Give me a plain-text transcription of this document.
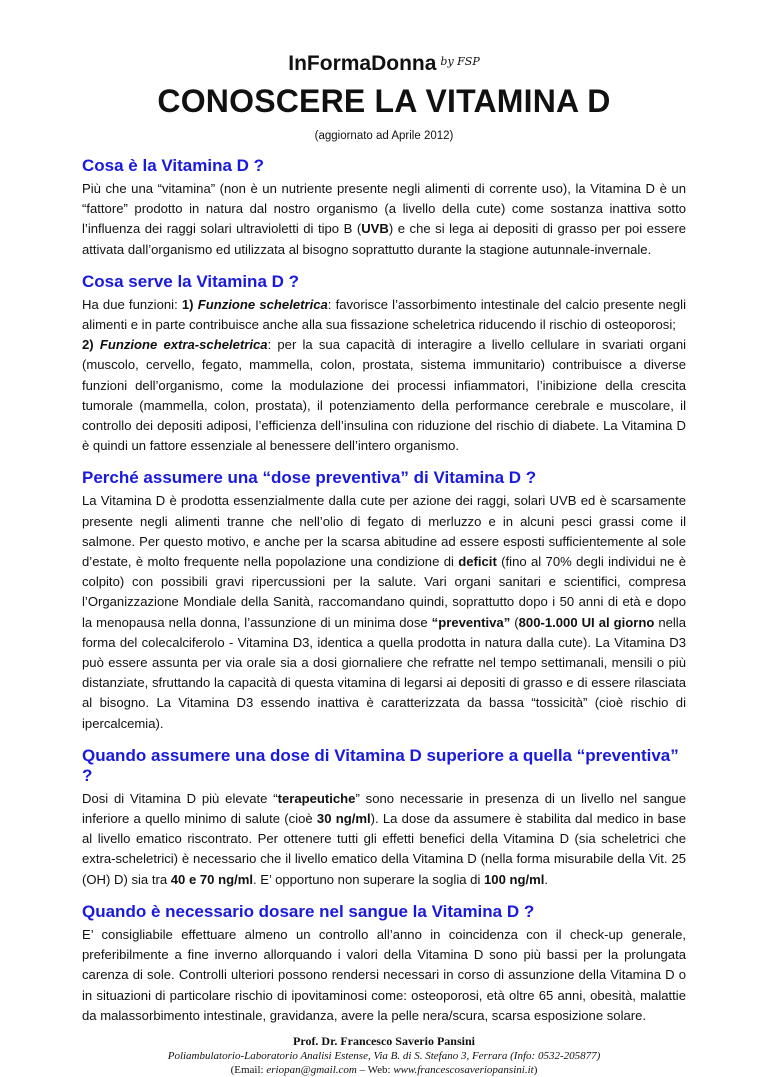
InFormaDonna $^{by FSP}$
CONOSCERE LA VITAMINA D
(aggiornato ad Aprile 2012)
Cosa è la Vitamina D ?

Più che una “vitamina” (non è un nutriente presente negli alimenti di corrente uso), la Vitamina D è un “fattore” prodotto in natura dal nostro organismo (a livello della cute) come sostanza inattiva sotto l’influenza dei raggi solari ultravioletti di tipo B (UVB) e che si lega ai depositi di grasso per poi essere attivata dall’organismo ed utilizzata al bisogno soprattutto durante la stagione autunnale-invernale.

Cosa serve la Vitamina D ?

Ha due funzioni: 1) Funzione scheletrica: favorisce l’assorbimento intestinale del calcio presente negli alimenti e in parte contribuisce anche alla sua fissazione scheletrica riducendo il rischio di osteoporosi;

2) Funzione extra-scheletrica: per la sua capacità di interagire a livello cellulare in svariati organi (muscolo, cervello, fegato, mammella, colon, prostata, sistema immunitario) contribuisce a diverse funzioni dell’organismo, come la modulazione dei processi infiammatori, l’inibizione della crescita tumorale (mammella, colon, prostata), il potenziamento della performance cerebrale e muscolare, il controllo dei depositi adiposi, l’efficienza dell’insulina con riduzione del rischio di diabete. La Vitamina D è quindi un fattore essenziale al benessere dell’intero organismo.

Perché assumere una “dose preventiva” di Vitamina D ?

La Vitamina D è prodotta essenzialmente dalla cute per azione dei raggi, solari UVB ed è scarsamente presente negli alimenti tranne che nell’olio di fegato di merluzzo e in alcuni pesci grassi come il salmone. Per questo motivo, e anche per la scarsa abitudine ad essere esposti sufficientemente al sole d’estate, è molto frequente nella popolazione una condizione di deficit (fino al 70% degli individui ne è colpito) con possibili gravi ripercussioni per la salute. Vari organi sanitari e scientifici, compresa l’Organizzazione Mondiale della Sanità, raccomandano quindi, soprattutto dopo i 50 anni di età e dopo la menopausa nella donna, l’assunzione di un minima dose “preventiva” (800-1.000 UI al giorno nella forma del colecalciferolo - Vitamina D3, identica a quella prodotta in natura dalla cute). La Vitamina D3 può essere assunta per via orale sia a dosi giornaliere che refratte nel tempo settimanali, mensili o più distanziate, sfruttando la capacità di questa vitamina di legarsi ai depositi di grasso e di essere rilasciata al bisogno. La Vitamina D3 essendo inattiva è caratterizzata da bassa “tossicità” (cioè rischio di ipercalcemia).

Quando assumere una dose di Vitamina D superiore a quella “preventiva” ?

Dosi di Vitamina D più elevate “terapeutiche” sono necessarie in presenza di un livello nel sangue inferiore a quello minimo di salute (cioè 30 ng/ml). La dose da assumere è stabilita dal medico in base al livello ematico riscontrato. Per ottenere tutti gli effetti benefici della Vitamina D (sia scheletrici che extra-scheletrici) è necessario che il livello ematico della Vitamina D (nella forma misurabile della Vit. 25 (OH) D) sia tra 40 e 70 ng/ml. E’ opportuno non superare la soglia di 100 ng/ml.

Quando è necessario dosare nel sangue la Vitamina D ?

E’ consigliabile effettuare almeno un controllo all’anno in coincidenza con il check-up generale, preferibilmente a fine inverno allorquando i valori della Vitamina D sono più bassi per la prolungata carenza di sole. Controlli ulteriori possono rendersi necessari in corso di assunzione della Vitamina D o in situazioni di particolare rischio di ipovitaminosi come: osteoporosi, età oltre 65 anni, obesità, malattie da malassorbimento intestinale, gravidanza, avere la pelle nera/scura, scarsa esposizione solare.

Prof. Dr. Francesco Saverio Pansini
Poliambulatorio-Laboratorio Analisi Estense, Via B. di S. Stefano 3, Ferrara (Info: 0532-205877)
(Email: eriopan@gmail.com – Web: www.francescosaveriopansini.it)
